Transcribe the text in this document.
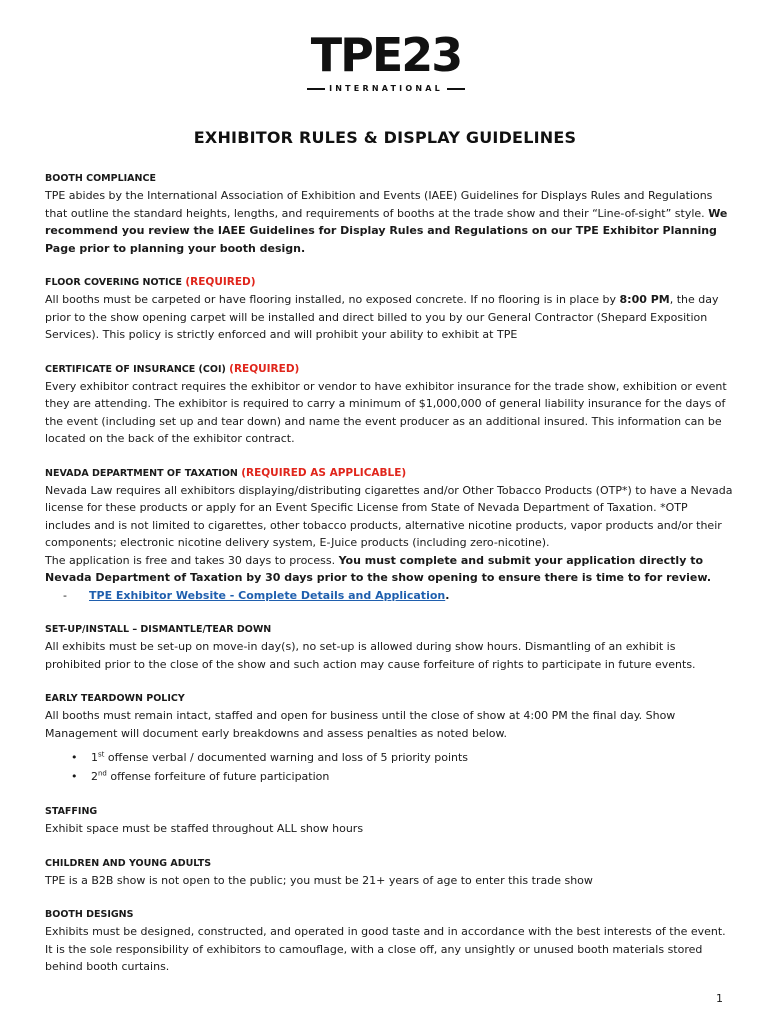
TPE23
INTERNATIONAL
EXHIBITOR RULES & DISPLAY GUIDELINES
BOOTH COMPLIANCE

TPE abides by the International Association of Exhibition and Events (IAEE) Guidelines for Displays Rules and Regulations that outline the standard heights, lengths, and requirements of booths at the trade show and their “Line-of-sight” style. We recommend you review the IAEE Guidelines for Display Rules and Regulations on our TPE Exhibitor Planning Page prior to planning your booth design.

FLOOR COVERING NOTICE (REQUIRED)

All booths must be carpeted or have flooring installed, no exposed concrete. If no flooring is in place by 8:00 PM, the day prior to the show opening carpet will be installed and direct billed to you by our General Contractor (Shepard Exposition Services). This policy is strictly enforced and will prohibit your ability to exhibit at TPE

CERTIFICATE OF INSURANCE (COI) (REQUIRED)

Every exhibitor contract requires the exhibitor or vendor to have exhibitor insurance for the trade show, exhibition or event they are attending. The exhibitor is required to carry a minimum of $1,000,000 of general liability insurance for the days of the event (including set up and tear down) and name the event producer as an additional insured. This information can be located on the back of the exhibitor contract.

NEVADA DEPARTMENT OF TAXATION (REQUIRED AS APPLICABLE)

Nevada Law requires all exhibitors displaying/distributing cigarettes and/or Other Tobacco Products (OTP*) to have a Nevada license for these products or apply for an Event Specific License from State of Nevada Department of Taxation. *OTP includes and is not limited to cigarettes, other tobacco products, alternative nicotine products, vapor products and/or their components; electronic nicotine delivery system, E-Juice products (including zero-nicotine).

The application is free and takes 30 days to process. You must complete and submit your application directly to Nevada Department of Taxation by 30 days prior to the show opening to ensure there is time to for review.

- TPE Exhibitor Website - Complete Details and Application.

SET-UP/INSTALL – DISMANTLE/TEAR DOWN

All exhibits must be set-up on move-in day(s), no set-up is allowed during show hours. Dismantling of an exhibit is prohibited prior to the close of the show and such action may cause forfeiture of rights to participate in future events.

EARLY TEARDOWN POLICY

All booths must remain intact, staffed and open for business until the close of show at 4:00 PM the final day. Show Management will document early breakdowns and assess penalties as noted below.

• 1st offense verbal / documented warning and loss of 5 priority points
• 2nd offense forfeiture of future participation
STAFFING

Exhibit space must be staffed throughout ALL show hours

CHILDREN AND YOUNG ADULTS

TPE is a B2B show is not open to the public; you must be 21+ years of age to enter this trade show

BOOTH DESIGNS

Exhibits must be designed, constructed, and operated in good taste and in accordance with the best interests of the event. It is the sole responsibility of exhibitors to camouflage, with a close off, any unsightly or unused booth materials stored behind booth curtains.

1
